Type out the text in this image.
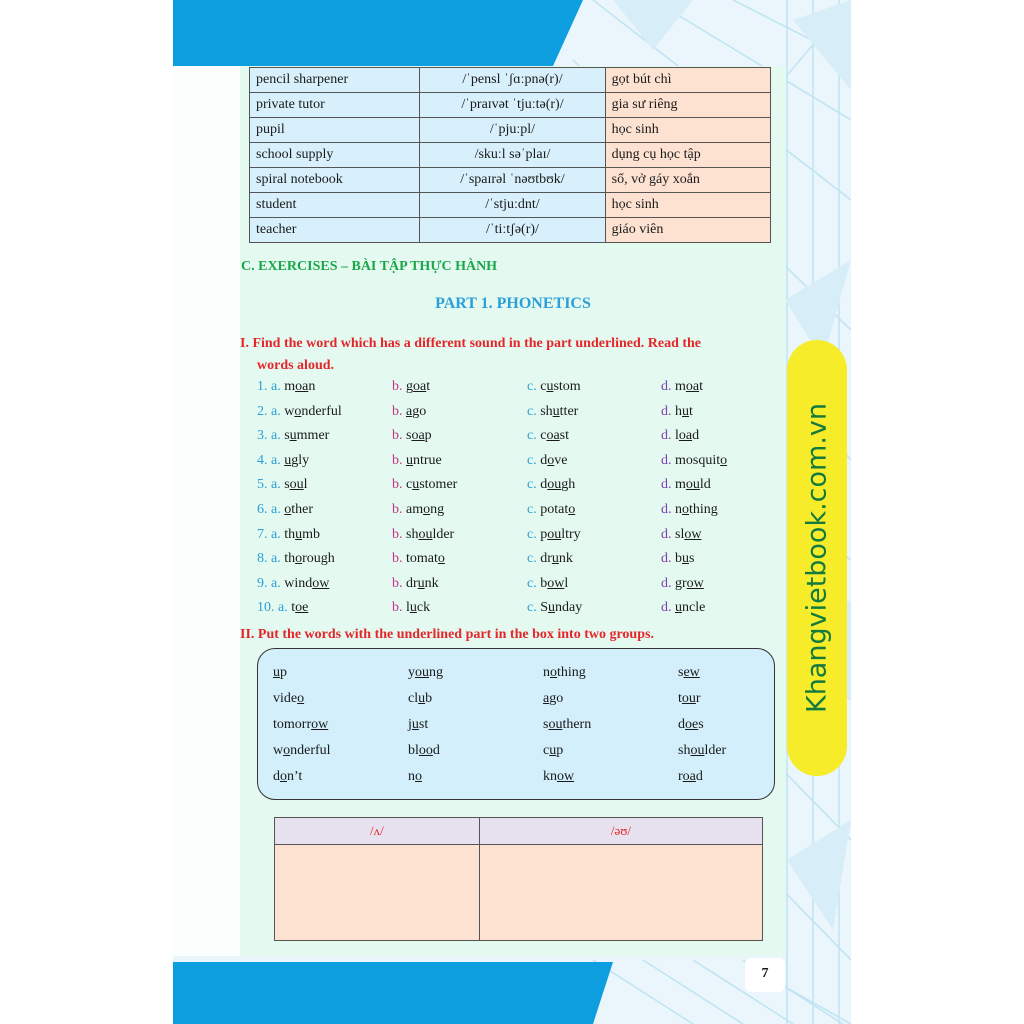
pencil sharpener	/ˈpensl ˈʃɑːpnə(r)/	gọt bút chì
private tutor	/ˈpraɪvət ˈtjuːtə(r)/	gia sư riêng
pupil	/ˈpjuːpl/	học sinh
school supply	/skuːl səˈplaɪ/	dụng cụ học tập
spiral notebook	/ˈspaɪrəl ˈnəʊtbʊk/	sổ, vở gáy xoắn
student	/ˈstjuːdnt/	học sinh
teacher	/ˈtiːtʃə(r)/	giáo viên
C. EXERCISES – BÀI TẬP THỰC HÀNH
PART 1. PHONETICS
I. Find the word which has a different sound in the part underlined. Read the
words aloud.
1. a. moan	b. goat	c. custom	d. moat
2. a. wonderful	b. ago	c. shutter	d. hut
3. a. summer	b. soap	c. coast	d. load
4. a. ugly	b. untrue	c. dove	d. mosquito
5. a. soul	b. customer	c. dough	d. mould
6. a. other	b. among	c. potato	d. nothing
7. a. thumb	b. shoulder	c. poultry	d. slow
8. a. thorough	b. tomato	c. drunk	d. bus
9. a. window	b. drunk	c. bowl	d. grow
10. a. toe	b. luck	c. Sunday	d. uncle
II. Put the words with the underlined part in the box into two groups.
up	young	nothing	sew
video	club	ago	tour
tomorrow	just	southern	does
wonderful	blood	cup	shoulder
don’t	no	know	road
/ʌ/	/əʊ/

Khangvietbook.com.vn
7
